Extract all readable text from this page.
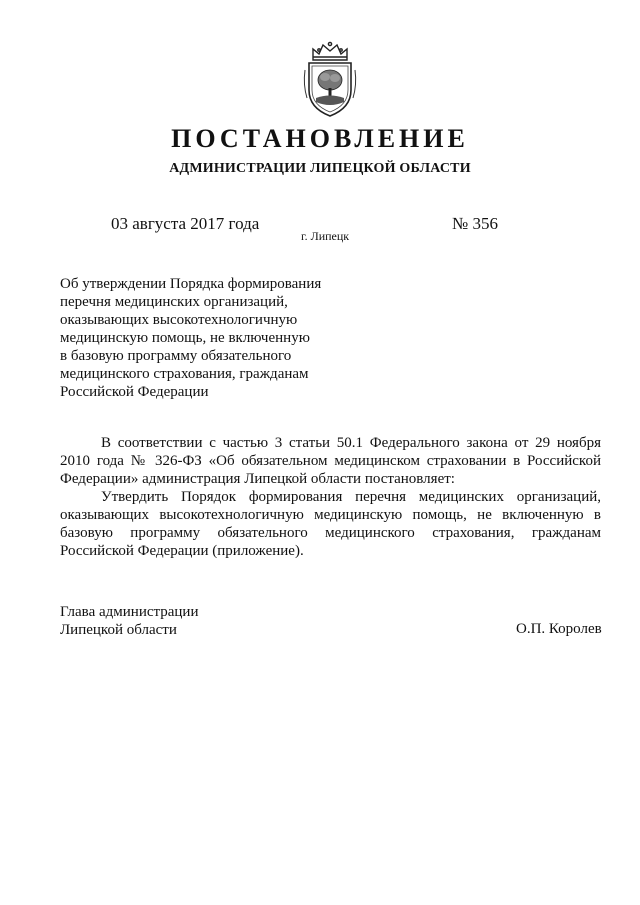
ПОСТАНОВЛЕНИЕ
АДМИНИСТРАЦИИ ЛИПЕЦКОЙ ОБЛАСТИ
03 августа 2017 года
г. Липецк
№ 356
Об утверждении Порядка формирования
перечня медицинских организаций,
оказывающих высокотехнологичную
медицинскую помощь, не включенную
в базовую программу обязательного
медицинского страхования, гражданам
Российской Федерации

В соответствии с частью 3 статьи 50.1 Федерального закона от 29 ноября 2010 года № 326-ФЗ «Об обязательном медицинском страховании в Российской Федерации» администрация Липецкой области постановляет:

Утвердить Порядок формирования перечня медицинских организаций, оказывающих высокотехнологичную медицинскую помощь, не включенную в базовую программу обязательного медицинского страхования, гражданам Российской Федерации (приложение).

Глава администрации
Липецкой области	О.П. Королев
